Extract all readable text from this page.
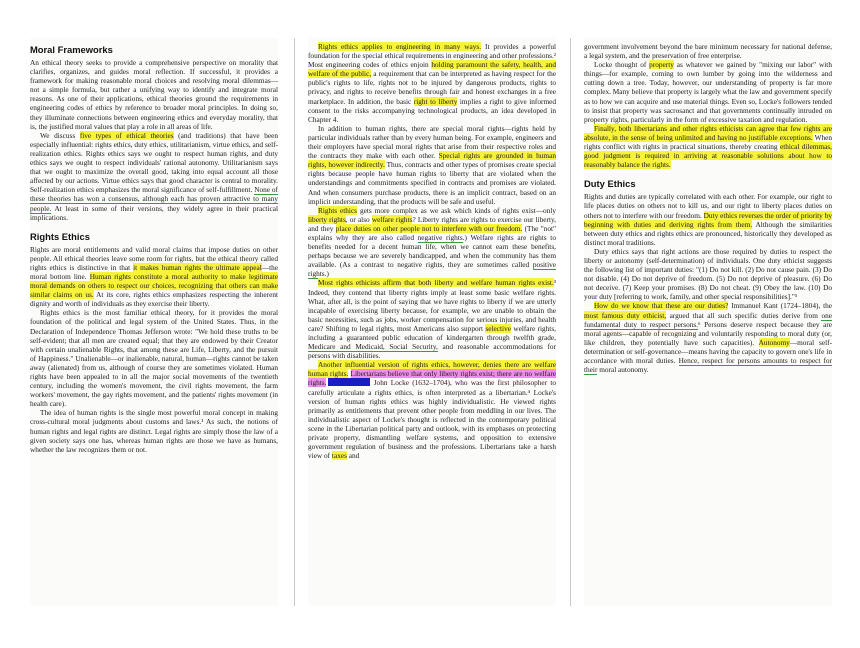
Moral Frameworks

An ethical theory seeks to provide a comprehensive perspective on morality that clarifies, organizes, and guides moral reflection. If successful, it provides a framework for making reasonable moral choices and resolving moral dilemmas—not a simple formula, but rather a unifying way to identify and integrate moral reasons. As one of their applications, ethical theories ground the requirements in engineering codes of ethics by reference to broader moral principles. In doing so, they illuminate connections between engineering ethics and everyday morality, that is, the justified moral values that play a role in all areas of life.

We discuss five types of ethical theories (and traditions) that have been especially influential: rights ethics, duty ethics, utilitarianism, virtue ethics, and self-realization ethics. Rights ethics says we ought to respect human rights, and duty ethics says we ought to respect individuals' rational autonomy. Utilitarianism says that we ought to maximize the overall good, taking into equal account all those affected by our actions. Virtue ethics says that good character is central to morality. Self-realization ethics emphasizes the moral significance of self-fulfillment. None of these theories has won a consensus, although each has proven attractive to many people. At least in some of their versions, they widely agree in their practical implications.

Rights Ethics

Rights are moral entitlements and valid moral claims that impose duties on other people. All ethical theories leave some room for rights, but the ethical theory called rights ethics is distinctive in that it makes human rights the ultimate appeal—the moral bottom line. Human rights constitute a moral authority to make legitimate moral demands on others to respect our choices, recognizing that others can make similar claims on us. At its core, rights ethics emphasizes respecting the inherent dignity and worth of individuals as they exercise their liberty.

Rights ethics is the most familiar ethical theory, for it provides the moral foundation of the political and legal system of the United States. Thus, in the Declaration of Independence Thomas Jefferson wrote: "We hold these truths to be self-evident; that all men are created equal; that they are endowed by their Creator with certain unalienable Rights, that among these are Life, Liberty, and the pursuit of Happiness." Unalienable—or inalienable, natural, human—rights cannot be taken away (alienated) from us, although of course they are sometimes violated. Human rights have been appealed to in all the major social movements of the twentieth century, including the women's movement, the civil rights movement, the farm workers' movement, the gay rights movement, and the patients' rights movement (in health care).

The idea of human rights is the single most powerful moral concept in making cross-cultural moral judgments about customs and laws.¹ As such, the notions of human rights and legal rights are distinct. Legal rights are simply those the law of a given society says one has, whereas human rights are those we have as humans, whether the law recognizes them or not.

Rights ethics applies to engineering in many ways. It provides a powerful foundation for the special ethical requirements in engineering and other professions.² Most engineering codes of ethics enjoin holding paramount the safety, health, and welfare of the public, a requirement that can be interpreted as having respect for the public's rights to life, rights not to be injured by dangerous products, rights to privacy, and rights to receive benefits through fair and honest exchanges in a free marketplace. In addition, the basic right to liberty implies a right to give informed consent to the risks accompanying technological products, an idea developed in Chapter 4.

In addition to human rights, there are special moral rights—rights held by particular individuals rather than by every human being. For example, engineers and their employers have special moral rights that arise from their respective roles and the contracts they make with each other. Special rights are grounded in human rights, however indirectly. Thus, contracts and other types of promises create special rights because people have human rights to liberty that are violated when the understandings and commitments specified in contracts and promises are violated. And when consumers purchase products, there is an implicit contract, based on an implicit understanding, that the products will be safe and useful.

Rights ethics gets more complex as we ask which kinds of rights exist—only liberty rights, or also welfare rights? Liberty rights are rights to exercise our liberty, and they place duties on other people not to interfere with our freedom. (The "not" explains why they are also called negative rights.) Welfare rights are rights to benefits needed for a decent human life, when we cannot earn these benefits, perhaps because we are severely handicapped, and when the community has them available. (As a contrast to negative rights, they are sometimes called positive rights.)

Most rights ethicists affirm that both liberty and welfare human rights exist.³ Indeed, they contend that liberty rights imply at least some basic welfare rights. What, after all, is the point of saying that we have rights to liberty if we are utterly incapable of exercising liberty because, for example, we are unable to obtain the basic necessities, such as jobs, worker compensation for serious injuries, and health care? Shifting to legal rights, most Americans also support selective welfare rights, including a guaranteed public education of kindergarten through twelfth grade, Medicare and Medicaid, Social Security, and reasonable accommodations for persons with disabilities.

Another influential version of rights ethics, however, denies there are welfare human rights. Libertarians believe that only liberty rights exist; there are no welfare rights.	John Locke (1632–1704), who was the first philosopher to carefully articulate a rights ethics, is often interpreted as a libertarian.⁴ Locke's version of human rights ethics was highly individualistic. He viewed rights primarily as entitlements that prevent other people from meddling in our lives. The individualistic aspect of Locke's thought is reflected in the contemporary political scene in the Libertarian political party and outlook, with its emphases on protecting private property, dismantling welfare systems, and opposition to extensive government regulation of business and the professions. Libertarians take a harsh view of taxes and

government involvement beyond the bare minimum necessary for national defense, a legal system, and the preservation of free enterprise.

Locke thought of property as whatever we gained by "mixing our labor" with things—for example, coming to own lumber by going into the wilderness and cutting down a tree. Today, however, our understanding of property is far more complex. Many believe that property is largely what the law and government specify as to how we can acquire and use material things. Even so, Locke's followers tended to insist that property was sacrosanct and that governments continually intruded on property rights, particularly in the form of excessive taxation and regulation.

Finally, both libertarians and other rights ethicists can agree that few rights are absolute, in the sense of being unlimited and having no justifiable exceptions. When rights conflict with rights in practical situations, thereby creating ethical dilemmas, good judgment is required in arriving at reasonable solutions about how to reasonably balance the rights.

Duty Ethics

Rights and duties are typically correlated with each other. For example, our right to life places duties on others not to kill us, and our right to liberty places duties on others not to interfere with our freedom. Duty ethics reverses the order of priority by beginning with duties and deriving rights from them. Although the similarities between duty ethics and rights ethics are pronounced, historically they developed as distinct moral traditions.

Duty ethics says that right actions are those required by duties to respect the liberty or autonomy (self-determination) of individuals. One duty ethicist suggests the following list of important duties: "(1) Do not kill. (2) Do not cause pain. (3) Do not disable. (4) Do not deprive of freedom. (5) Do not deprive of pleasure. (6) Do not deceive. (7) Keep your promises. (8) Do not cheat. (9) Obey the law. (10) Do your duty [referring to work, family, and other special responsibilities]."⁵

How do we know that these are our duties? Immanuel Kant (1724–1804), the most famous duty ethicist, argued that all such specific duties derive from one fundamental duty to respect persons.⁶ Persons deserve respect because they are moral agents—capable of recognizing and voluntarily responding to moral duty (or, like children, they potentially have such capacities). Autonomy—moral self-determination or self-governance—means having the capacity to govern one's life in accordance with moral duties. Hence, respect for persons amounts to respect for their moral autonomy.
